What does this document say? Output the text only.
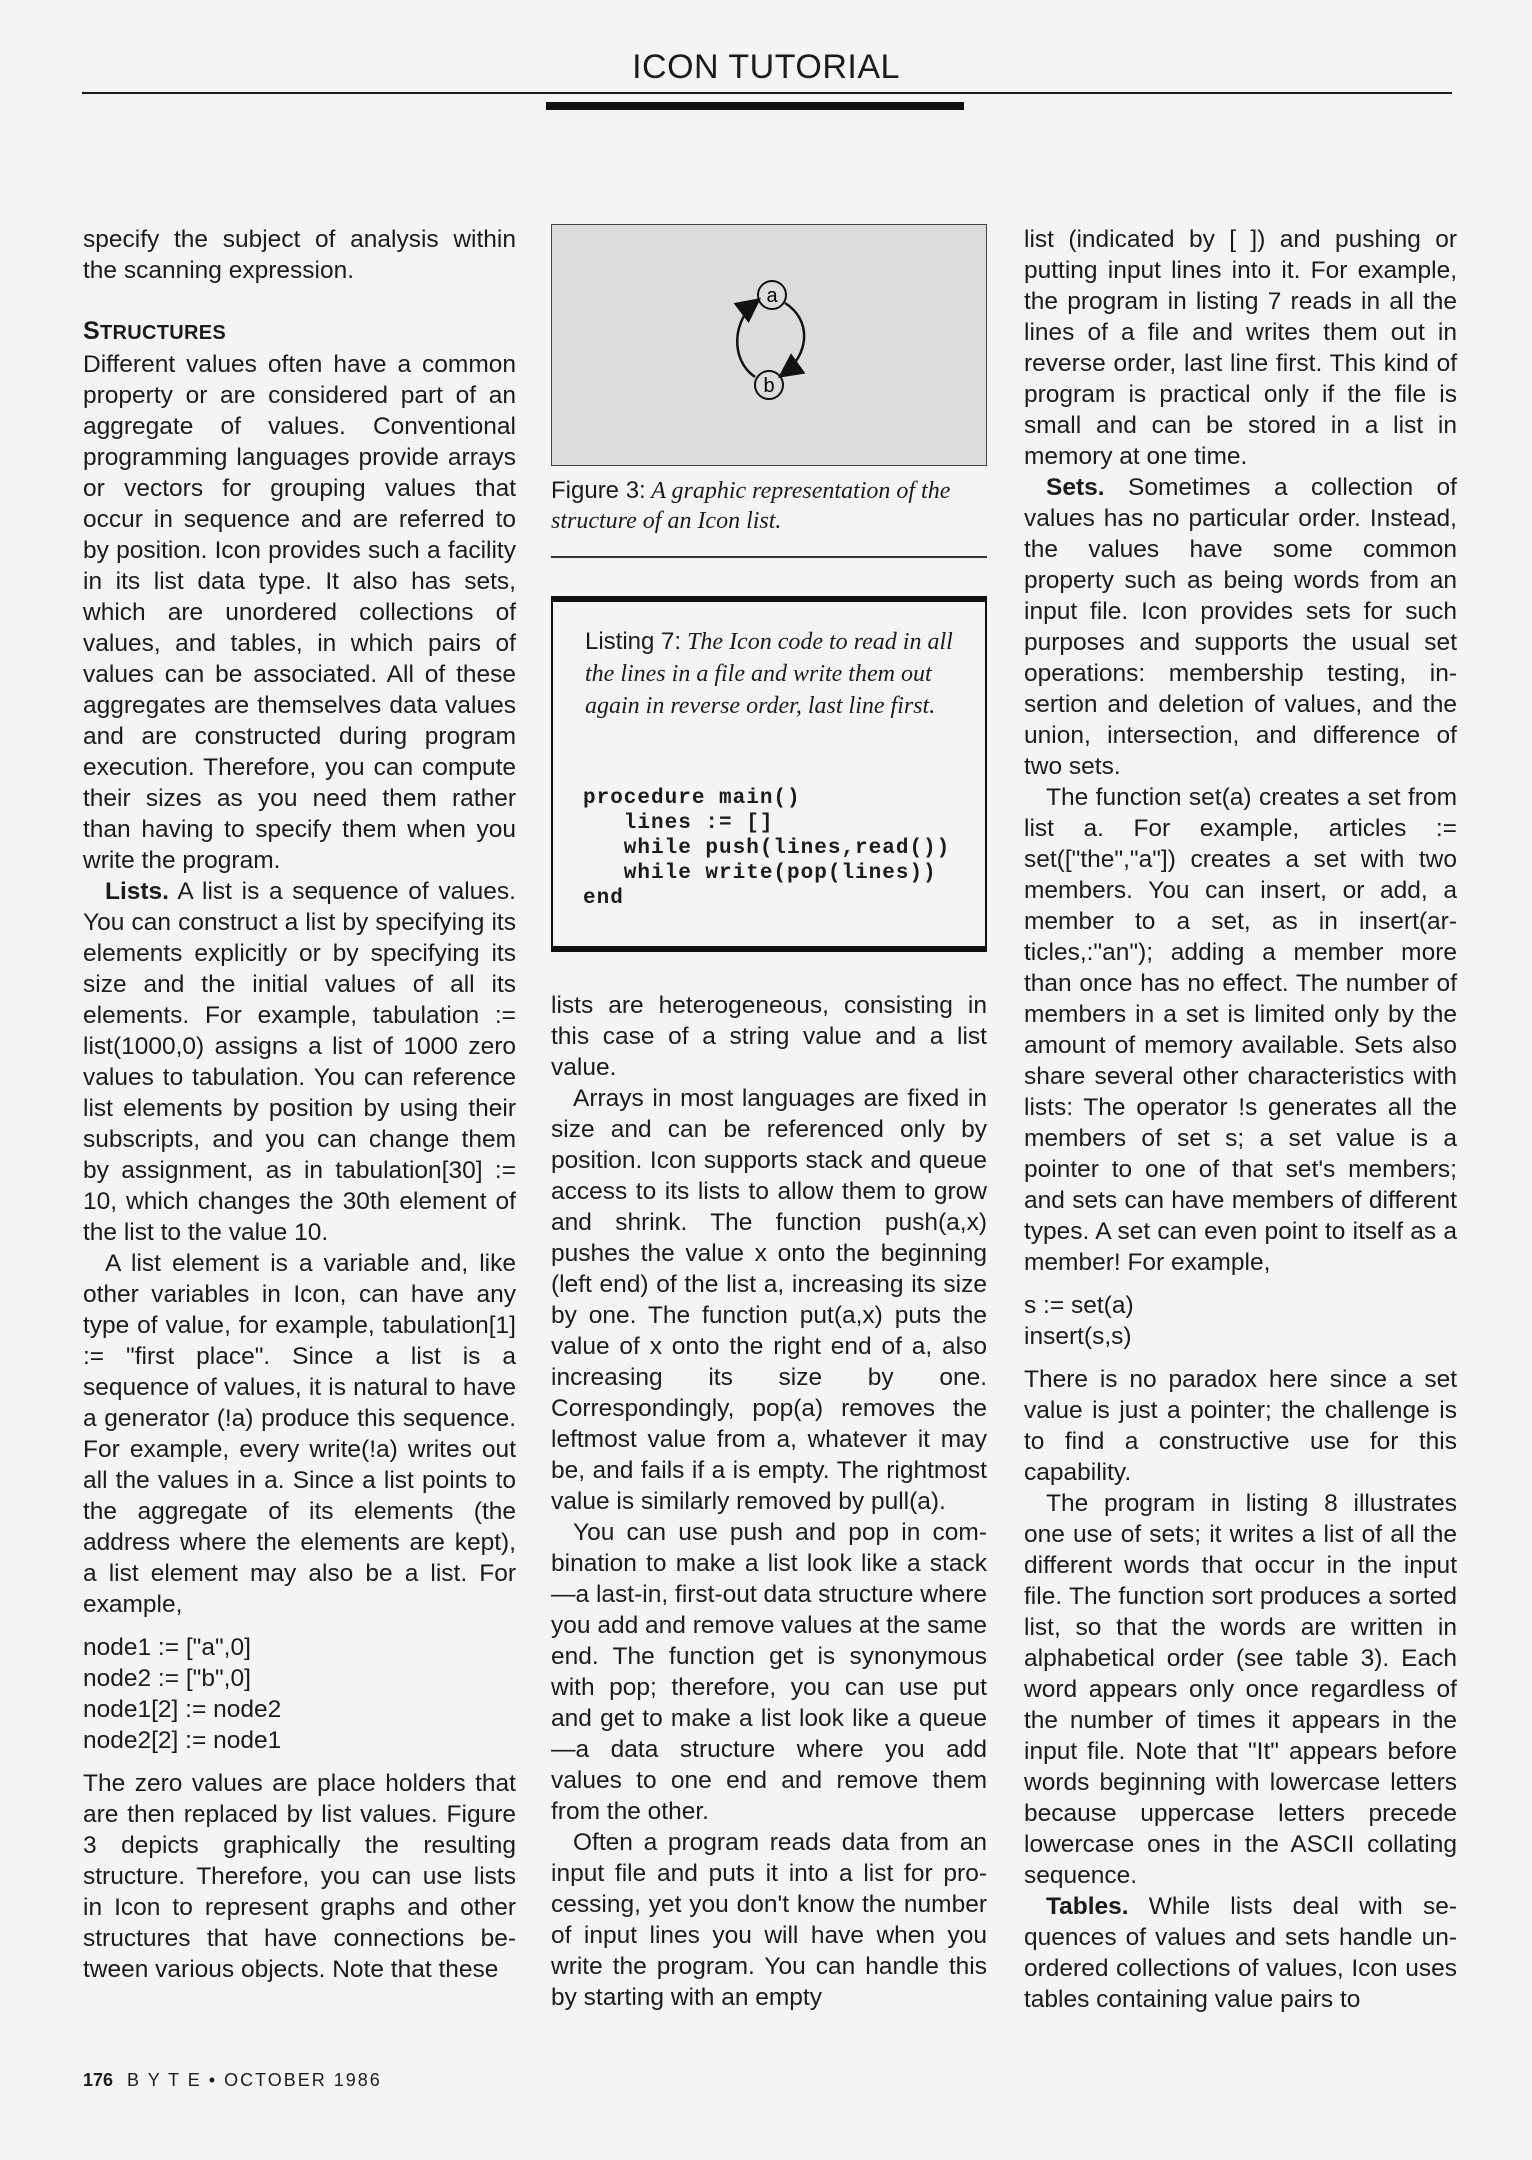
ICON TUTORIAL

specify the subject of analysis within the scanning expression.

STRUCTURES

Different values often have a common property or are considered part of an aggregate of values. Conventional programming languages provide arrays or vectors for grouping values that occur in sequence and are referred to by position. Icon provides such a facility in its list data type. It also has sets, which are unordered collections of values, and tables, in which pairs of values can be associated. All of these aggregates are themselves data values and are constructed during program execution. Therefore, you can compute their sizes as you need them rather than having to specify them when you write the program.

Lists. A list is a sequence of values. You can construct a list by specifying its elements explicitly or by specifying its size and the initial values of all its elements. For example, tabulation := list(1000,0) assigns a list of 1000 zero values to tabulation. You can reference list elements by position by using their subscripts, and you can change them by assignment, as in tabulation[30] := 10, which changes the 30th element of the list to the value 10.

A list element is a variable and, like other variables in Icon, can have any type of value, for example, tabulation[1] := "first place". Since a list is a sequence of values, it is natural to have a generator (!a) produce this sequence. For example, every write(!a) writes out all the values in a. Since a list points to the aggregate of its elements (the address where the elements are kept), a list element may also be a list. For example,

node1 := ["a",0]
node2 := ["b",0]
node1[2] := node2
node2[2] := node1

The zero values are place holders that are then replaced by list values. Figure 3 depicts graphically the resulting structure. Therefore, you can use lists in Icon to represent graphs and other structures that have connections between various objects. Note that these

a
b
Figure 3: A graphic representation of the structure of an Icon list.
Listing 7: The Icon code to read in all the lines in a file and write them out again in reverse order, last line first.
procedure main()
lines := []
while push(lines,read())
while write(pop(lines))
end

lists are heterogeneous, consisting in this case of a string value and a list value.

Arrays in most languages are fixed in size and can be referenced only by position. Icon supports stack and queue access to its lists to allow them to grow and shrink. The function push(a,x) pushes the value x onto the beginning (left end) of the list a, increasing its size by one. The function put(a,x) puts the value of x onto the right end of a, also increasing its size by one. Correspondingly, pop(a) removes the leftmost value from a, whatever it may be, and fails if a is empty. The rightmost value is similarly removed by pull(a).

You can use push and pop in combination to make a list look like a stack—a last-in, first-out data structure where you add and remove values at the same end. The function get is synonymous with pop; therefore, you can use put and get to make a list look like a queue—a data structure where you add values to one end and remove them from the other.

Often a program reads data from an input file and puts it into a list for processing, yet you don't know the number of input lines you will have when you write the program. You can handle this by starting with an empty

list (indicated by [ ]) and pushing or putting input lines into it. For example, the program in listing 7 reads in all the lines of a file and writes them out in reverse order, last line first. This kind of program is practical only if the file is small and can be stored in a list in memory at one time.

Sets. Sometimes a collection of values has no particular order. Instead, the values have some common property such as being words from an input file. Icon provides sets for such purposes and supports the usual set operations: membership testing, insertion and deletion of values, and the union, intersection, and difference of two sets.

The function set(a) creates a set from list a. For example, articles := set(["the","a"]) creates a set with two members. You can insert, or add, a member to a set, as in insert(articles,:"an"); adding a member more than once has no effect. The number of members in a set is limited only by the amount of memory available. Sets also share several other characteristics with lists: The operator !s generates all the members of set s; a set value is a pointer to one of that set's members; and sets can have members of different types. A set can even point to itself as a member! For example,

s := set(a)
insert(s,s)

There is no paradox here since a set value is just a pointer; the challenge is to find a constructive use for this capability.

The program in listing 8 illustrates one use of sets; it writes a list of all the different words that occur in the input file. The function sort produces a sorted list, so that the words are written in alphabetical order (see table 3). Each word appears only once regardless of the number of times it appears in the input file. Note that "It" appears before words beginning with lowercase letters because uppercase letters precede lowercase ones in the ASCII collating sequence.

Tables. While lists deal with sequences of values and sets handle unordered collections of values, Icon uses tables containing value pairs to

176 B Y T E • OCTOBER 1986
